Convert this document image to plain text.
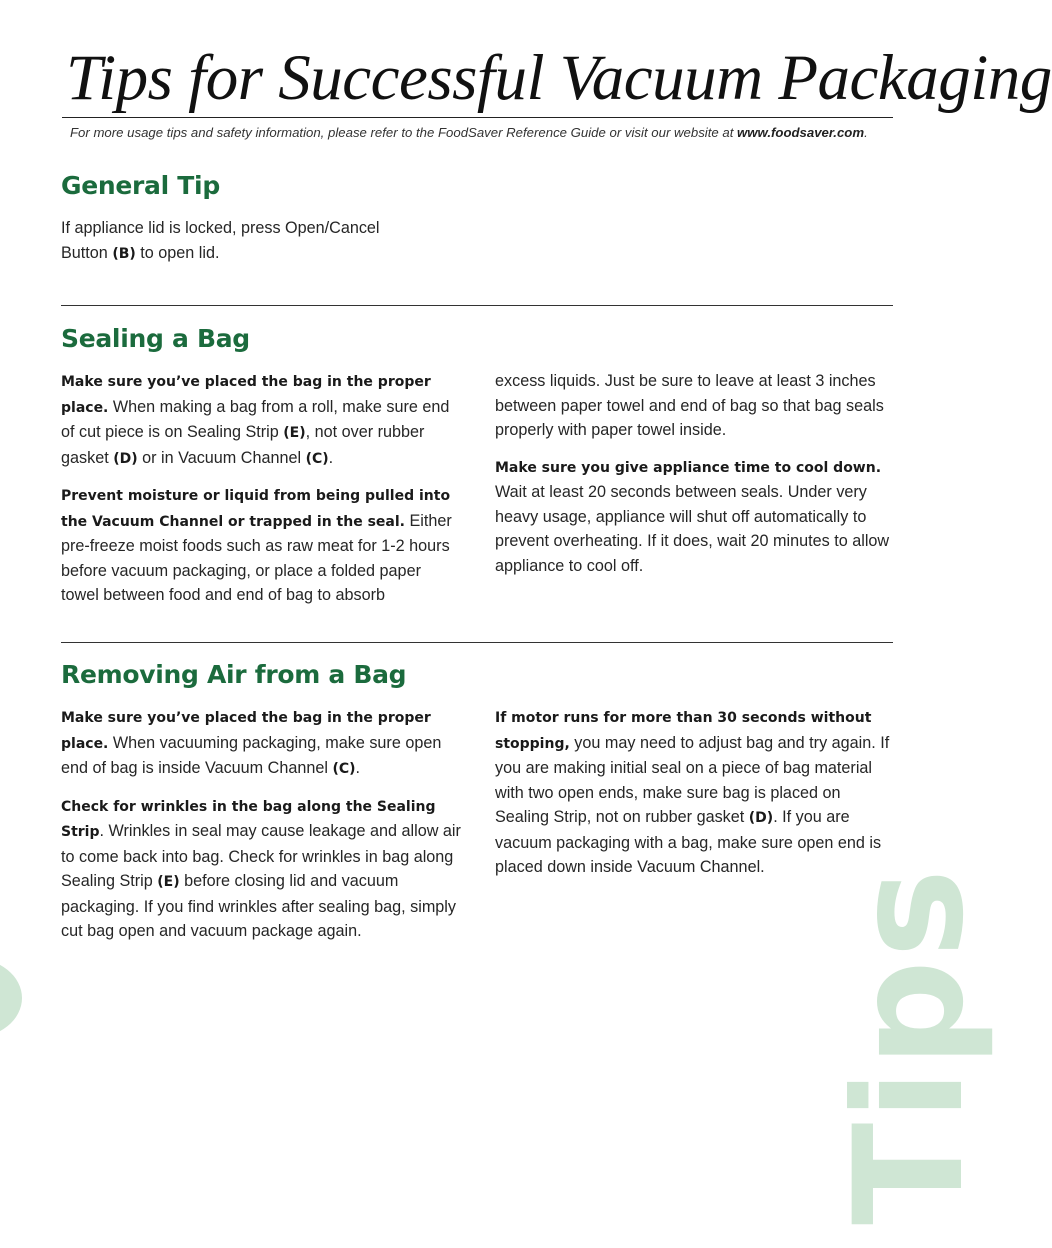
Tips for Successful Vacuum Packaging
For more usage tips and safety information, please refer to the FoodSaver Reference Guide or visit our website at www.foodsaver.com.
General Tip
If appliance lid is locked, press Open/Cancel
Button (B) to open lid.
Sealing a Bag

Make sure you’ve placed the bag in the proper place. When making a bag from a roll, make sure end of cut piece is on Sealing Strip (E), not over rubber gasket (D) or in Vacuum Channel (C).

Prevent moisture or liquid from being pulled into the Vacuum Channel or trapped in the seal. Either pre-freeze moist foods such as raw meat for 1-2 hours before vacuum packaging, or place a folded paper towel between food and end of bag to absorb

excess liquids. Just be sure to leave at least 3 inches between paper towel and end of bag so that bag seals properly with paper towel inside.

Make sure you give appliance time to cool down. Wait at least 20 seconds between seals. Under very heavy usage, appliance will shut off automatically to prevent overheating. If it does, wait 20 minutes to allow appliance to cool off.

Removing Air from a Bag

Make sure you’ve placed the bag in the proper place. When vacuuming packaging, make sure open end of bag is inside Vacuum Channel (C).

Check for wrinkles in the bag along the Sealing Strip. Wrinkles in seal may cause leakage and allow air to come back into bag. Check for wrinkles in bag along Sealing Strip (E) before closing lid and vacuum packaging. If you find wrinkles after sealing bag, simply cut bag open and vacuum package again.

If motor runs for more than 30 seconds without stopping, you may need to adjust bag and try again. If you are making initial seal on a piece of bag material with two open ends, make sure bag is placed on Sealing Strip, not on rubber gasket (D). If you are vacuum packaging with a bag, make sure open end is placed down inside Vacuum Channel. Tips
